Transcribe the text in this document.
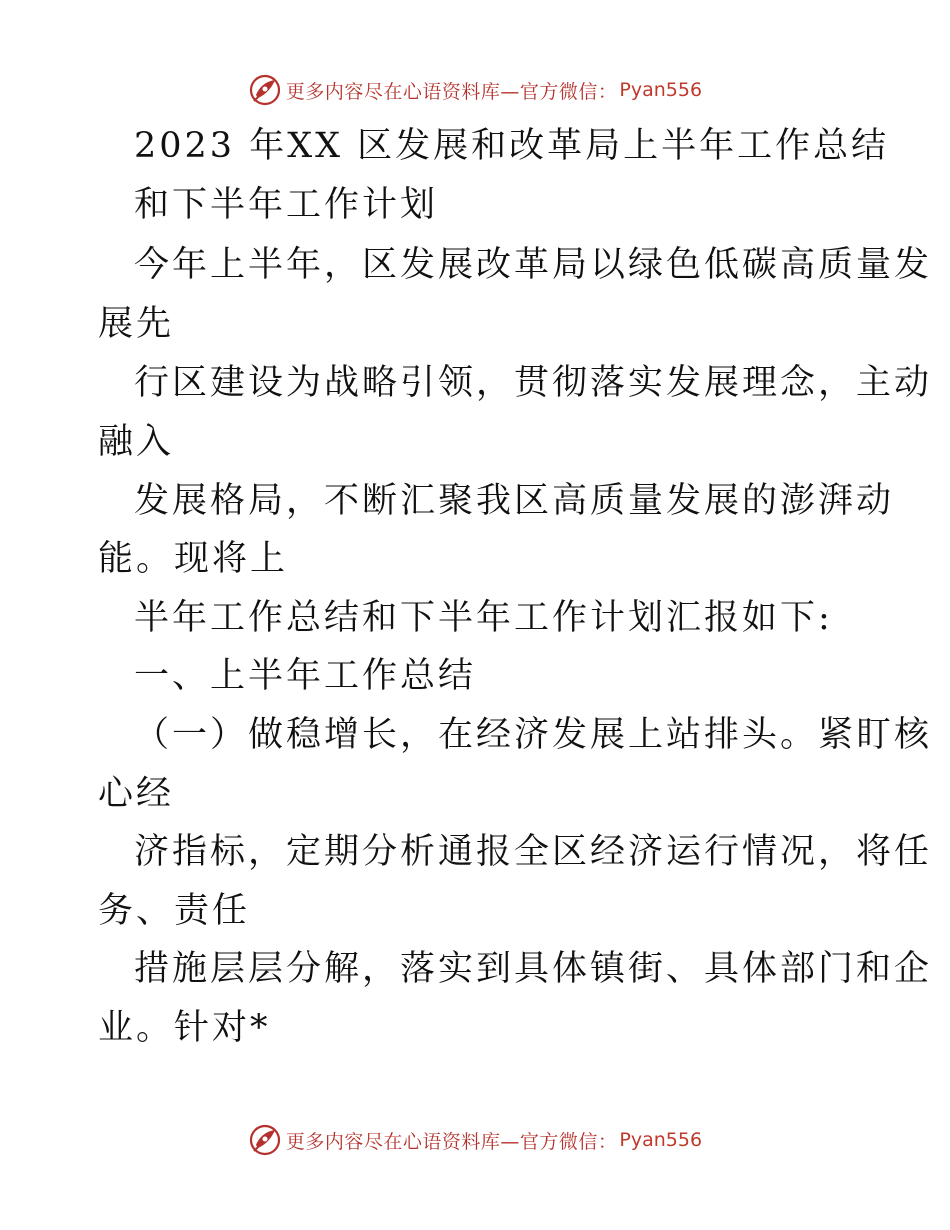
更多内容尽在心语资料库—官方微信： Pyan556
2023 年XX 区发展和改革局上半年工作总结
和下半年工作计划
今年上半年，区发展改革局以绿色低碳高质量发
展先
行区建设为战略引领，贯彻落实发展理念，主动
融入
发展格局，不断汇聚我区高质量发展的澎湃动
能。现将上
半年工作总结和下半年工作计划汇报如下:
一、上半年工作总结
（一）做稳增长，在经济发展上站排头。紧盯核
心经
济指标，定期分析通报全区经济运行情况，将任
务、责任
措施层层分解，落实到具体镇街、具体部门和企
业。针对*
更多内容尽在心语资料库—官方微信： Pyan556
